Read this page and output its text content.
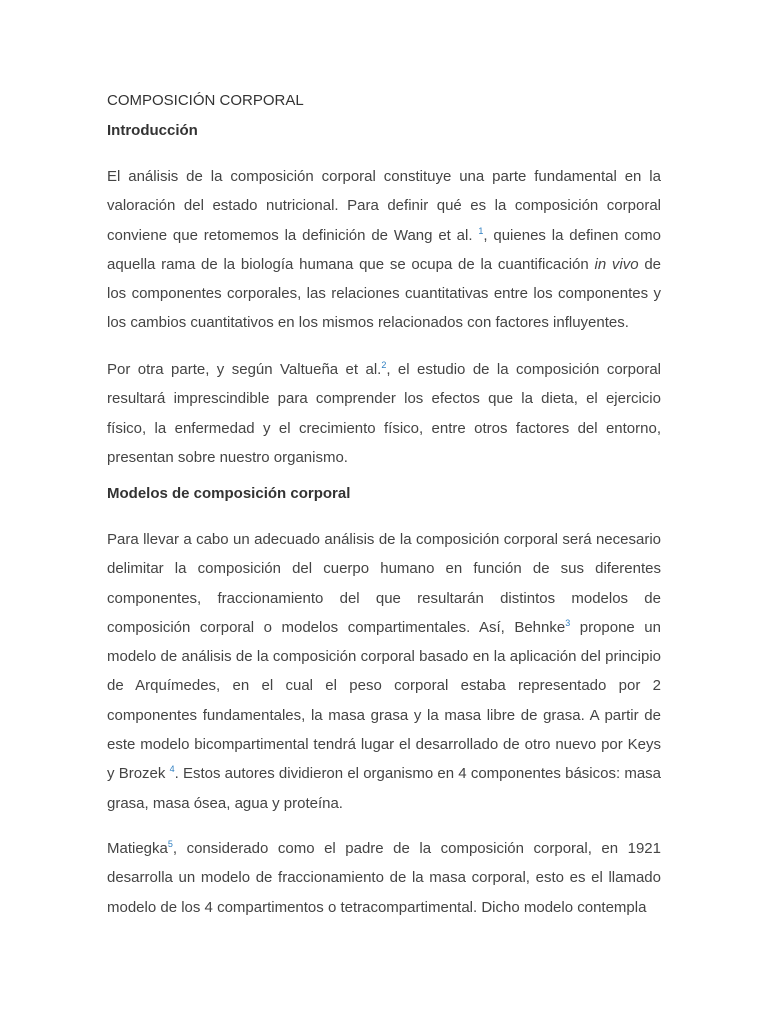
COMPOSICIÓN CORPORAL
Introducción

El análisis de la composición corporal constituye una parte fundamental en la valoración del estado nutricional. Para definir qué es la composición corporal conviene que retomemos la definición de Wang et al. $^1$, quienes la definen como aquella rama de la biología humana que se ocupa de la cuantificación in vivo de los componentes corporales, las relaciones cuantitativas entre los componentes y los cambios cuantitativos en los mismos relacionados con factores influyentes.

Por otra parte, y según Valtueña et al.$^2$, el estudio de la composición corporal resultará imprescindible para comprender los efectos que la dieta, el ejercicio físico, la enfermedad y el crecimiento físico, entre otros factores del entorno, presentan sobre nuestro organismo.

Modelos de composición corporal

Para llevar a cabo un adecuado análisis de la composición corporal será necesario delimitar la composición del cuerpo humano en función de sus diferentes componentes, fraccionamiento del que resultarán distintos modelos de composición corporal o modelos compartimentales. Así, Behnke$^3$ propone un modelo de análisis de la composición corporal basado en la aplicación del principio de Arquímedes, en el cual el peso corporal estaba representado por 2 componentes fundamentales, la masa grasa y la masa libre de grasa. A partir de este modelo bicompartimental tendrá lugar el desarrollado de otro nuevo por Keys y Brozek $^4$. Estos autores dividieron el organismo en 4 componentes básicos: masa grasa, masa ósea, agua y proteína.

Matiegka$^5$, considerado como el padre de la composición corporal, en 1921 desarrolla un modelo de fraccionamiento de la masa corporal, esto es el llamado modelo de los 4 compartimentos o tetracompartimental. Dicho modelo contempla
